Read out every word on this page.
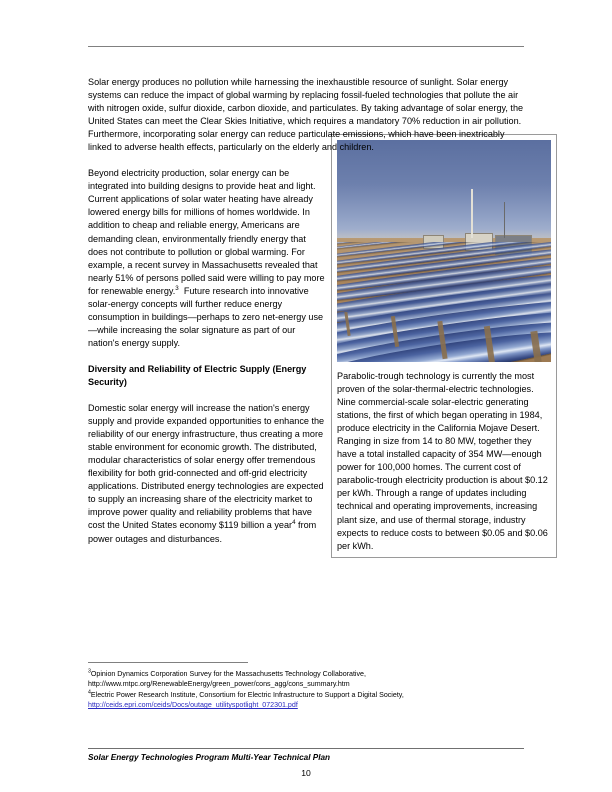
Parabolic-trough technology is currently the most proven of the solar-thermal-electric technologies. Nine commercial-scale solar-electric generating stations, the first of which began operating in 1984, produce electricity in the California Mojave Desert. Ranging in size from 14 to 80 MW, together they have a total installed capacity of 354 MW—enough power for 100,000 homes. The current cost of parabolic-trough electricity production is about $0.12 per kWh. Through a range of updates including technical and operating improvements, increasing plant size, and use of thermal storage, industry expects to reduce costs to between $0.05 and $0.06 per kWh.

Solar energy produces no pollution while harnessing the inexhaustible resource of sunlight. Solar energy systems can reduce the impact of global warming by replacing fossil-fueled technologies that pollute the air with nitrogen oxide, sulfur dioxide, carbon dioxide, and particulates. By taking advantage of solar energy, the United States can meet the Clear Skies Initiative, which requires a mandatory 70% reduction in air pollution. Furthermore, incorporating solar energy can reduce particulate emissions, which have been inextricably linked to adverse health effects, particularly on the elderly and children.

Beyond electricity production, solar energy can be integrated into building designs to provide heat and light. Current applications of solar water heating have already lowered energy bills for millions of homes worldwide. In addition to cheap and reliable energy, Americans are demanding clean, environmentally friendly energy that does not contribute to pollution or global warming. For example, a recent survey in Massachusetts revealed that nearly 51% of persons polled said were willing to pay more for renewable energy.$^3$ Future research into innovative solar-energy concepts will further reduce energy consumption in buildings—perhaps to zero net-energy use—while increasing the solar signature as part of our nation's energy supply.

Diversity and Reliability of Electric Supply (Energy Security)

Domestic solar energy will increase the nation's energy supply and provide expanded opportunities to enhance the reliability of our energy infrastructure, thus creating a more stable environment for economic growth. The distributed, modular characteristics of solar energy offer tremendous flexibility for both grid-connected and off-grid electricity applications. Distributed energy technologies are expected to supply an increasing share of the electricity market to improve power quality and reliability problems that have cost the United States economy $119 billion a year$^4$ from power outages and disturbances.

$^3$Opinion Dynamics Corporation Survey for the Massachusetts Technology Collaborative,
http://www.mtpc.org/RenewableEnergy/green_power/cons_agg/cons_summary.htm
$^4$Electric Power Research Institute, Consortium for Electric Infrastructure to Support a Digital Society,
http://ceids.epri.com/ceids/Docs/outage_utilityspotlight_072301.pdf
Solar Energy Technologies Program Multi-Year Technical Plan
10
